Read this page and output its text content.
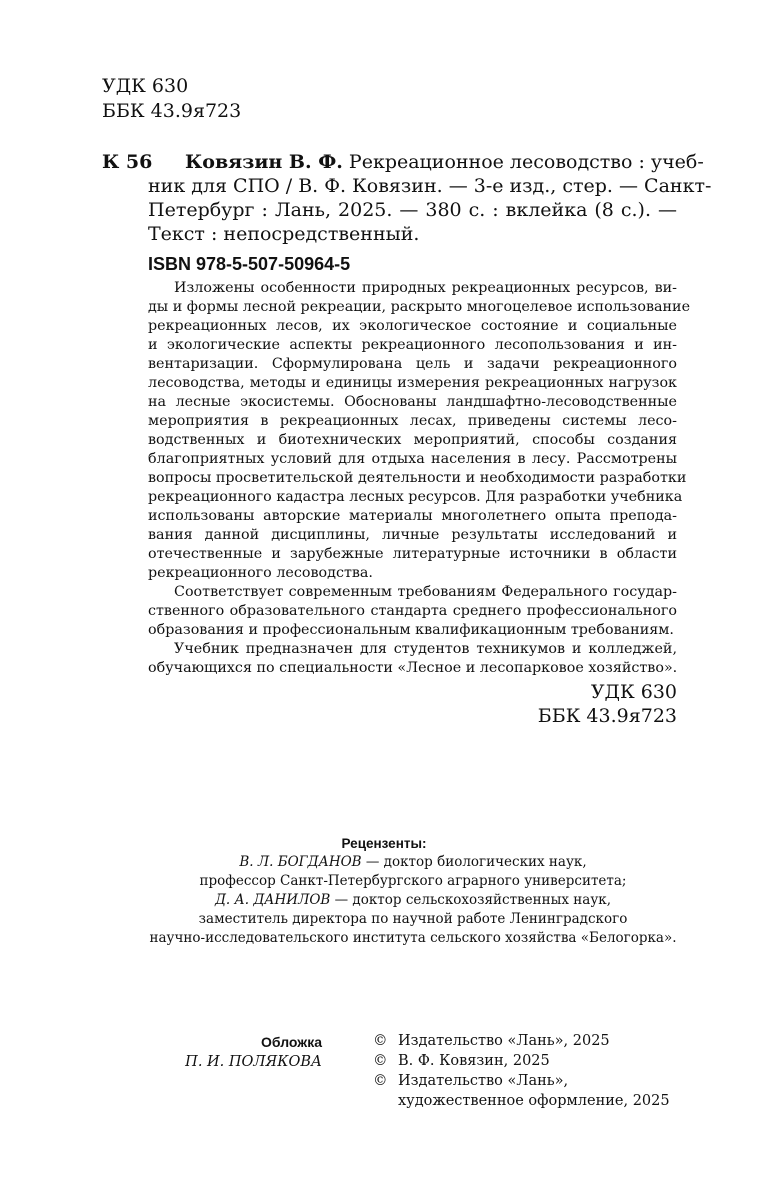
УДК 630
ББК 43.9я723
К 56 Ковязин В. Ф. Рекреационное лесоводство : учеб-
ник для СПО / В. Ф. Ковязин. — 3-е изд., стер. — Санкт-
Петербург : Лань, 2025. — 380 с. : вклейка (8 с.). —
Текст : непосредственный.
ISBN 978-5-507-50964-5
Изложены особенности природных рекреационных ресурсов, ви-
ды и формы лесной рекреации, раскрыто многоцелевое использование
рекреационных лесов, их экологическое состояние и социальные
и экологические аспекты рекреационного лесопользования и ин-
вентаризации. Сформулирована цель и задачи рекреационного
лесоводства, методы и единицы измерения рекреационных нагрузок
на лесные экосистемы. Обоснованы ландшафтно-лесоводственные
мероприятия в рекреационных лесах, приведены системы лесо-
водственных и биотехнических мероприятий, способы создания
благоприятных условий для отдыха населения в лесу. Рассмотрены
вопросы просветительской деятельности и необходимости разработки
рекреационного кадастра лесных ресурсов. Для разработки учебника
использованы авторские материалы многолетнего опыта препода-
вания данной дисциплины, личные результаты исследований и
отечественные и зарубежные литературные источники в области
рекреационного лесоводства.
Соответствует современным требованиям Федерального государ-
ственного образовательного стандарта среднего профессионального
образования и профессиональным квалификационным требованиям.
Учебник предназначен для студентов техникумов и колледжей,
обучающихся по специальности «Лесное и лесопарковое хозяйство».
УДК 630
ББК 43.9я723
Рецензенты:
В. Л. БОГДАНОВ — доктор биологических наук,
профессор Санкт-Петербургского аграрного университета;
Д. А. ДАНИЛОВ — доктор сельскохозяйственных наук,
заместитель директора по научной работе Ленинградского
научно-исследовательского института сельского хозяйства «Белогорка».
Обложка
П. И. ПОЛЯКОВА
© Издательство «Лань», 2025
© В. Ф. Ковязин, 2025
© Издательство «Лань»,
художественное оформление, 2025
